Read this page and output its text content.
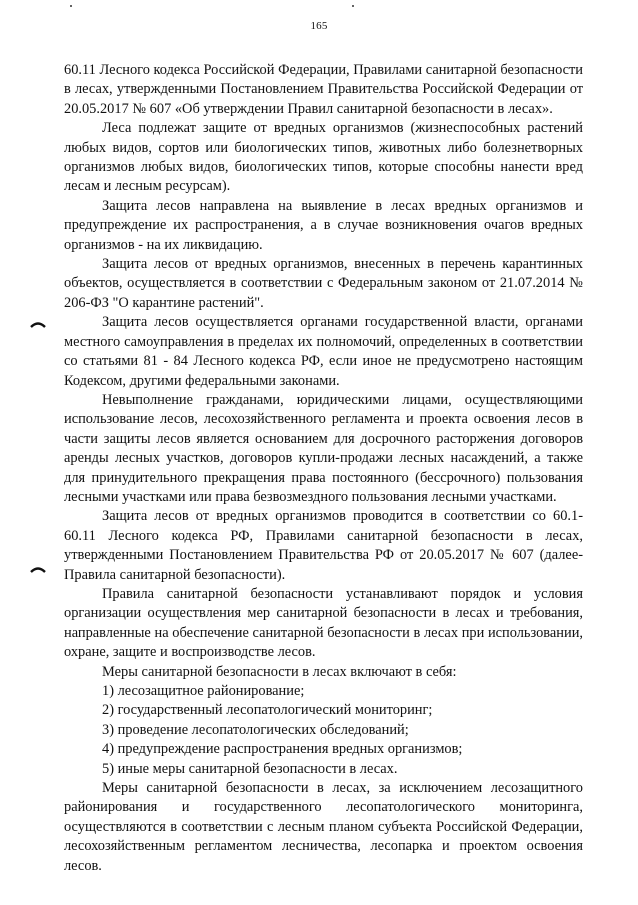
165

60.11 Лесного кодекса Российской Федерации, Правилами санитарной безопасности в лесах, утвержденными Постановлением Правительства Российской Федерации от 20.05.2017 № 607 «Об утверждении Правил санитарной безопасности в лесах».

Леса подлежат защите от вредных организмов (жизнеспособных растений любых видов, сортов или биологических типов, животных либо болезнетворных организмов любых видов, биологических типов, которые способны нанести вред лесам и лесным ресурсам).

Защита лесов направлена на выявление в лесах вредных организмов и предупреждение их распространения, а в случае возникновения очагов вредных организмов - на их ликвидацию.

Защита лесов от вредных организмов, внесенных в перечень карантинных объектов, осуществляется в соответствии с Федеральным законом от 21.07.2014 № 206-ФЗ "О карантине растений".

Защита лесов осуществляется органами государственной власти, органами местного самоуправления в пределах их полномочий, определенных в соответствии со статьями 81 - 84 Лесного кодекса РФ, если иное не предусмотрено настоящим Кодексом, другими федеральными законами.

Невыполнение гражданами, юридическими лицами, осуществляющими использование лесов, лесохозяйственного регламента и проекта освоения лесов в части защиты лесов является основанием для досрочного расторжения договоров аренды лесных участков, договоров купли-продажи лесных насаждений, а также для принудительного прекращения права постоянного (бессрочного) пользования лесными участками или права безвозмездного пользования лесными участками.

Защита лесов от вредных организмов проводится в соответствии со 60.1-60.11 Лесного кодекса РФ, Правилами санитарной безопасности в лесах, утвержденными Постановлением Правительства РФ от 20.05.2017 № 607 (далее-Правила санитарной безопасности).

Правила санитарной безопасности устанавливают порядок и условия организации осуществления мер санитарной безопасности в лесах и требования, направленные на обеспечение санитарной безопасности в лесах при использовании, охране, защите и воспроизводстве лесов.

Меры санитарной безопасности в лесах включают в себя:

1) лесозащитное районирование;

2) государственный лесопатологический мониторинг;

3) проведение лесопатологических обследований;

4) предупреждение распространения вредных организмов;

5) иные меры санитарной безопасности в лесах.

Меры санитарной безопасности в лесах, за исключением лесозащитного районирования и государственного лесопатологического мониторинга, осуществляются в соответствии с лесным планом субъекта Российской Федерации, лесохозяйственным регламентом лесничества, лесопарка и проектом освоения лесов.
